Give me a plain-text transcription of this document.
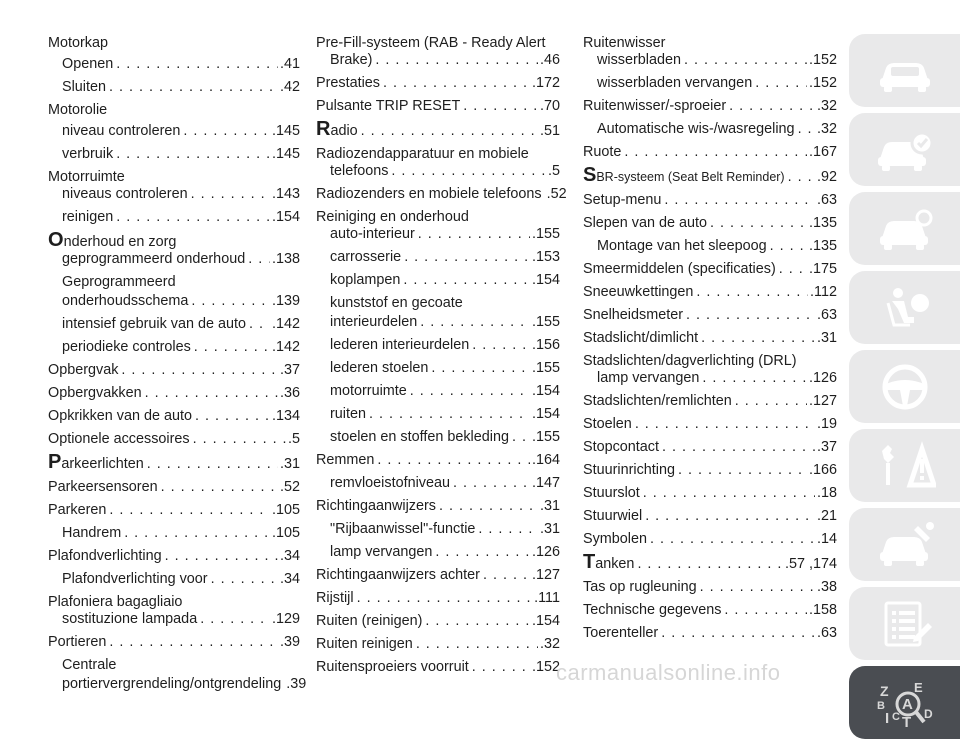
Motorkap
Openen . . .	.41
Sluiten . . .	.42
Motorolie
niveau controleren . . .	.145
verbruik . . .	.145
Motorruimte
niveaus controleren . . .	.143
reinigen . . .	.154
Onderhoud en zorg
geprogrammeerd onderhoud . . . .138
Geprogrammeerd
onderhoudsschema . . .	.139
intensief gebruik van de auto . . . .142
periodieke controles . . .	.142
Opbergvak . . .	.37
Opbergvakken . . .	.36
Opkrikken van de auto . . .	.134
Optionele accessoires . . .	.5
Parkeerlichten . . .	.31
Parkeersensoren . . .	.52
Parkeren . . .	.105
Handrem . . .	.105
Plafondverlichting . . .	.34
Plafondverlichting voor . . .	.34
Plafoniera bagagliaio
sostituzione lampada . . .	.129
Portieren . . .	.39
Centrale
portiervergrendeling/ontgrendeling .39
Pre-Fill-systeem (RAB - Ready Alert
Brake) . . .	.46
Prestaties . . .	.172
Pulsante TRIP RESET . . .	.70
Radio . . .	.51
Radiozendapparatuur en mobiele
telefoons . . .	.5
Radiozenders en mobiele telefoons .52
Reiniging en onderhoud
auto-interieur . . .	.155
carrosserie . . .	.153
koplampen . . .	.154
kunststof en gecoate
interieurdelen . . .	.155
lederen interieurdelen . . .	.156
lederen stoelen . . .	.155
motorruimte . . .	.154
ruiten . . .	.154
stoelen en stoffen bekleding . . . .155
Remmen . . .	.164
remvloeistofniveau . . .	.147
Richtingaanwijzers . . .	.31
"Rijbaanwissel"-functie . . .	.31
lamp vervangen . . .	.126
Richtingaanwijzers achter . . .	.127
Rijstijl . . .	.111
Ruiten (reinigen) . . .	.154
Ruiten reinigen . . .	.32
Ruitensproeiers voorruit . . .	.152
Ruitenwisser
wisserbladen . . .	.152
wisserbladen vervangen . . .	.152
Ruitenwisser/-sproeier . . .	.32
Automatische wis-/wasregeling . . . .32
Ruote . . .	.167
SBR-systeem (Seat Belt Reminder) . . . .92
Setup-menu . . .	.63
Slepen van de auto . . .	.135
Montage van het sleepoog . . .	.135
Smeermiddelen (specificaties) . . . .175
Sneeuwkettingen . . .	.112
Snelheidsmeter . . .	.63
Stadslicht/dimlicht . . .	.31
Stadslichten/dagverlichting (DRL)
lamp vervangen . . .	.126
Stadslichten/remlichten . . .	.127
Stoelen . . .	.19
Stopcontact . . .	.37
Stuurinrichting . . .	.166
Stuurslot . . .	.18
Stuurwiel . . .	.21
Symbolen . . .	.14
Tanken . . .	.57 ,174
Tas op rugleuning . . .	.38
Technische gegevens . . .	.158
Toerenteller . . .	.63
Z E
A
B
I C D
T
carmanualsonline.info
